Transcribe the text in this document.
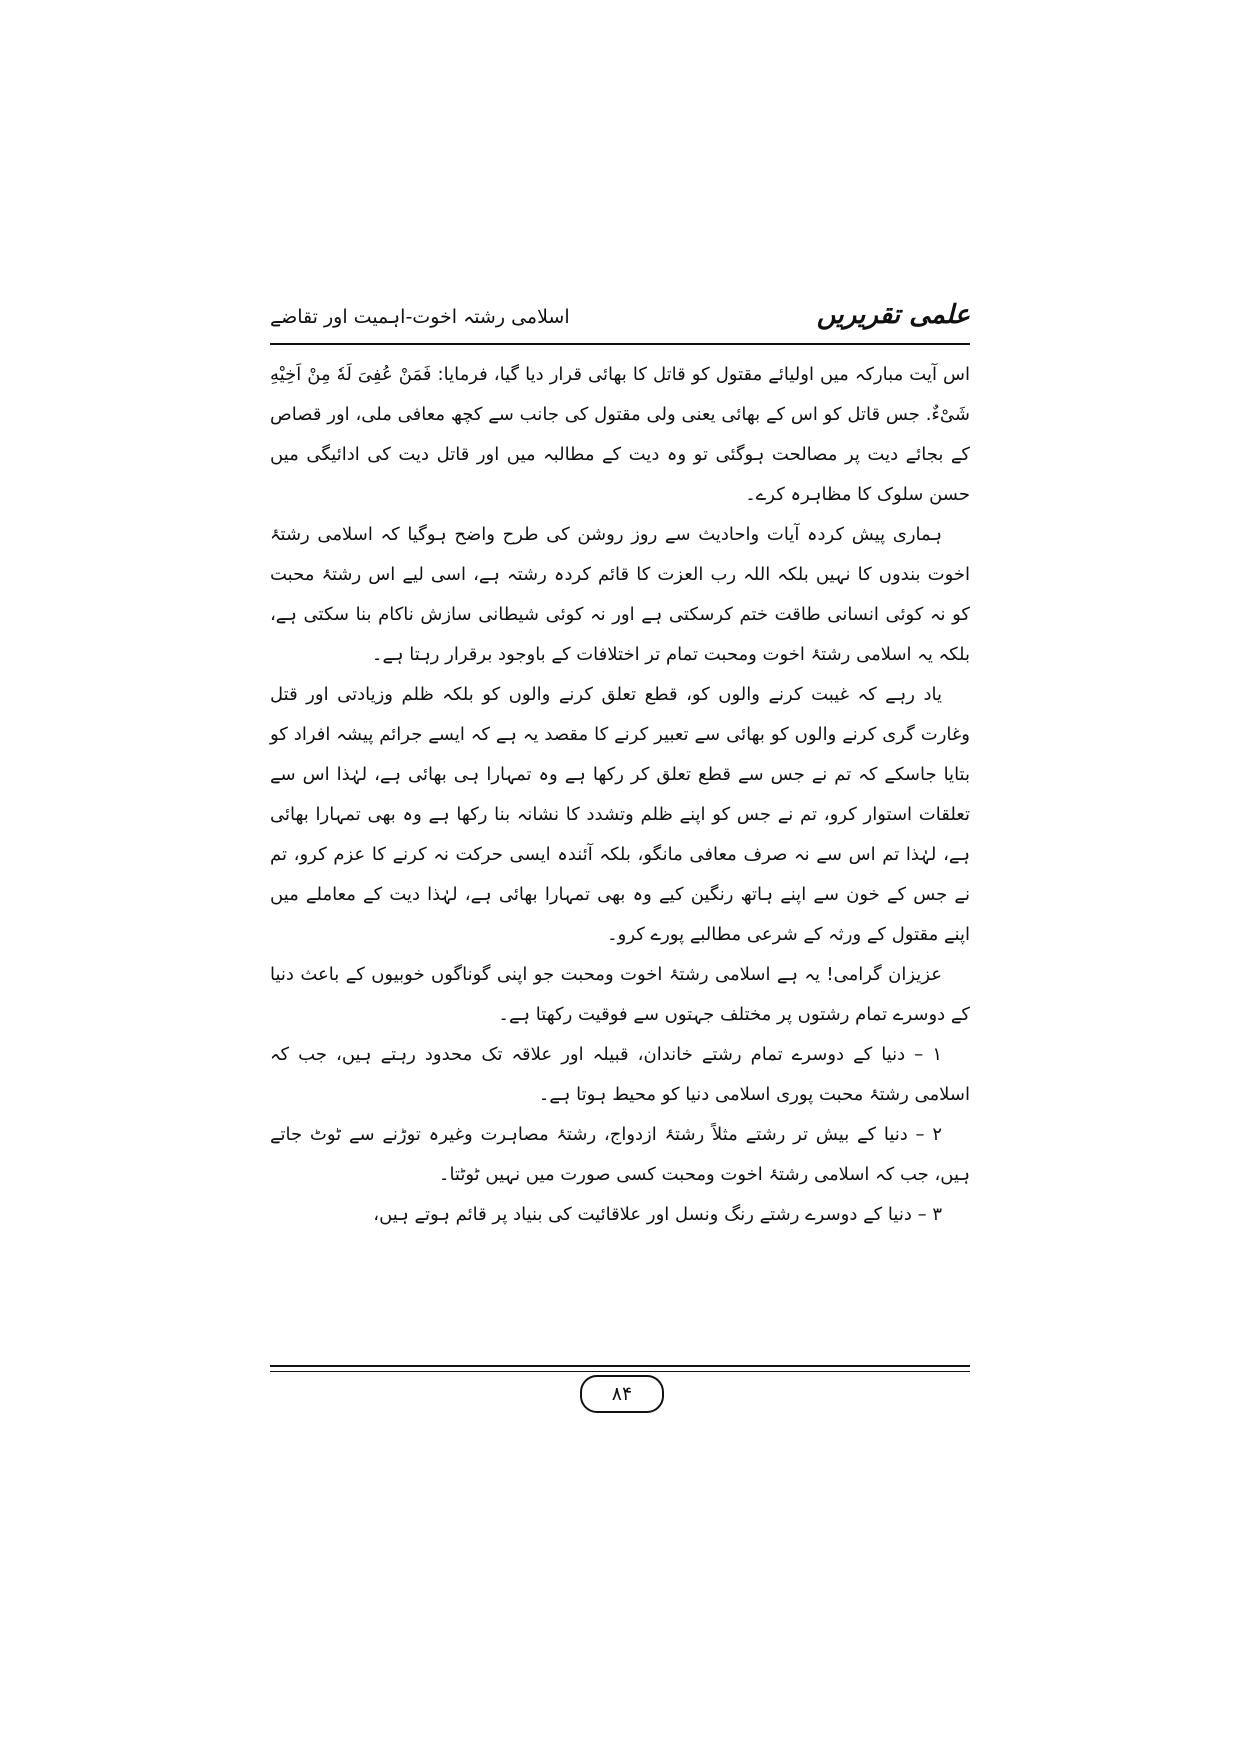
علمی تقریریں
اسلامی رشتہ اخوت-اہمیت اور تقاضے

اس آیت مبارکہ میں اولیائے مقتول کو قاتل کا بھائی قرار دیا گیا، فرمایا: فَمَنْ عُفِیَ لَهٗ مِنْ اَخِیْهِ شَیْءٌ. جس قاتل کو اس کے بھائی یعنی ولی مقتول کی جانب سے کچھ معافی ملی، اور قصاص کے بجائے دیت پر مصالحت ہوگئی تو وہ دیت کے مطالبہ میں اور قاتل دیت کی ادائیگی میں حسن سلوک کا مظاہرہ کرے۔

ہماری پیش کردہ آیات واحادیث سے روز روشن کی طرح واضح ہوگیا کہ اسلامی رشتۂ اخوت بندوں کا نہیں بلکہ اللہ رب العزت کا قائم کردہ رشتہ ہے، اسی لیے اس رشتۂ محبت کو نہ کوئی انسانی طاقت ختم کرسکتی ہے اور نہ کوئی شیطانی سازش ناکام بنا سکتی ہے، بلکہ یہ اسلامی رشتۂ اخوت ومحبت تمام تر اختلافات کے باوجود برقرار رہتا ہے۔

یاد رہے کہ غیبت کرنے والوں کو، قطع تعلق کرنے والوں کو بلکہ ظلم وزیادتی اور قتل وغارت گری کرنے والوں کو بھائی سے تعبیر کرنے کا مقصد یہ ہے کہ ایسے جرائم پیشہ افراد کو بتایا جاسکے کہ تم نے جس سے قطع تعلق کر رکھا ہے وہ تمہارا ہی بھائی ہے، لہٰذا اس سے تعلقات استوار کرو، تم نے جس کو اپنے ظلم وتشدد کا نشانہ بنا رکھا ہے وہ بھی تمہارا بھائی ہے، لہٰذا تم اس سے نہ صرف معافی مانگو، بلکہ آئندہ ایسی حرکت نہ کرنے کا عزم کرو، تم نے جس کے خون سے اپنے ہاتھ رنگین کیے وہ بھی تمہارا بھائی ہے، لہٰذا دیت کے معاملے میں اپنے مقتول کے ورثہ کے شرعی مطالبے پورے کرو۔

عزیزان گرامی! یہ ہے اسلامی رشتۂ اخوت ومحبت جو اپنی گوناگوں خوبیوں کے باعث دنیا کے دوسرے تمام رشتوں پر مختلف جہتوں سے فوقیت رکھتا ہے۔

۱ – دنیا کے دوسرے تمام رشتے خاندان، قبیلہ اور علاقہ تک محدود رہتے ہیں، جب کہ اسلامی رشتۂ محبت پوری اسلامی دنیا کو محیط ہوتا ہے۔

۲ – دنیا کے بیش تر رشتے مثلاً رشتۂ ازدواج، رشتۂ مصاہرت وغیرہ توڑنے سے ٹوٹ جاتے ہیں، جب کہ اسلامی رشتۂ اخوت ومحبت کسی صورت میں نہیں ٹوٹتا۔

۳ – دنیا کے دوسرے رشتے رنگ ونسل اور علاقائیت کی بنیاد پر قائم ہوتے ہیں،

۸۴
